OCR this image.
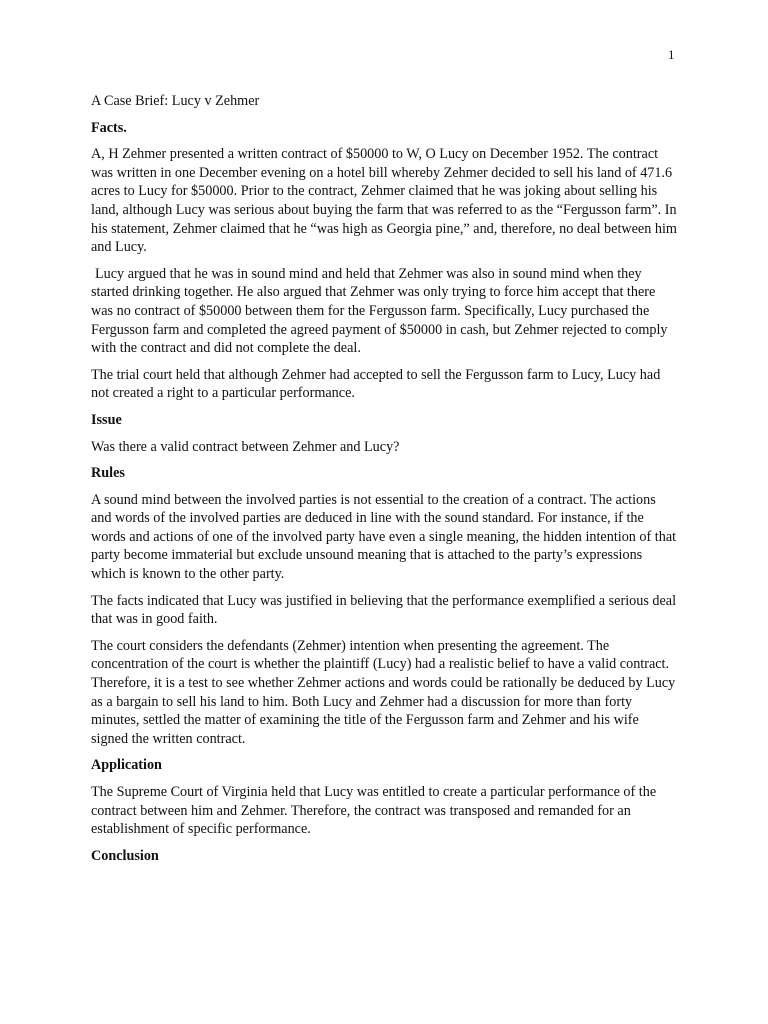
1

A Case Brief: Lucy v Zehmer

Facts.

A, H Zehmer presented a written contract of $50000 to W, O Lucy on December 1952. The contract was written in one December evening on a hotel bill whereby Zehmer decided to sell his land of 471.6 acres to Lucy for $50000. Prior to the contract, Zehmer claimed that he was joking about selling his land, although Lucy was serious about buying the farm that was referred to as the “Fergusson farm”. In his statement, Zehmer claimed that he “was high as Georgia pine,” and, therefore, no deal between him and Lucy.

Lucy argued that he was in sound mind and held that Zehmer was also in sound mind when they started drinking together. He also argued that Zehmer was only trying to force him accept that there was no contract of $50000 between them for the Fergusson farm. Specifically, Lucy purchased the Fergusson farm and completed the agreed payment of $50000 in cash, but Zehmer rejected to comply with the contract and did not complete the deal.

The trial court held that although Zehmer had accepted to sell the Fergusson farm to Lucy, Lucy had not created a right to a particular performance.

Issue

Was there a valid contract between Zehmer and Lucy?

Rules

A sound mind between the involved parties is not essential to the creation of a contract. The actions and words of the involved parties are deduced in line with the sound standard. For instance, if the words and actions of one of the involved party have even a single meaning, the hidden intention of that party become immaterial but exclude unsound meaning that is attached to the party’s expressions which is known to the other party.

The facts indicated that Lucy was justified in believing that the performance exemplified a serious deal that was in good faith.

The court considers the defendants (Zehmer) intention when presenting the agreement. The concentration of the court is whether the plaintiff (Lucy) had a realistic belief to have a valid contract. Therefore, it is a test to see whether Zehmer actions and words could be rationally be deduced by Lucy as a bargain to sell his land to him. Both Lucy and Zehmer had a discussion for more than forty minutes, settled the matter of examining the title of the Fergusson farm and Zehmer and his wife signed the written contract.

Application

The Supreme Court of Virginia held that Lucy was entitled to create a particular performance of the contract between him and Zehmer. Therefore, the contract was transposed and remanded for an establishment of specific performance.

Conclusion
